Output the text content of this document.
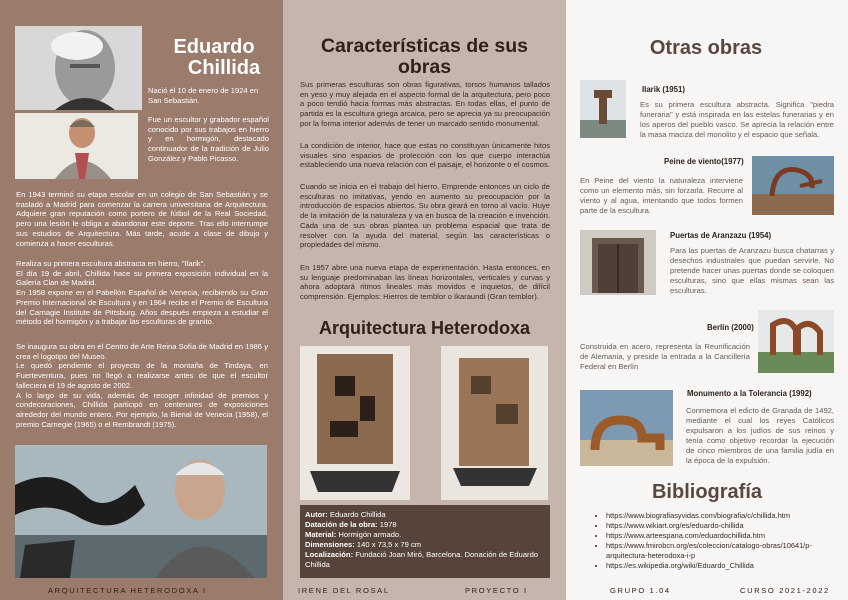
Eduardo
Chillida
Nació el 10 de enero de 1924 en San Sebastián.
Fue un escultor y grabador español conocido por sus trabajos en hierro y en hormigón, destacado continuador de la tradición de Julio González y Pablo Picasso.
En 1943 terminó su etapa escolar en un colegio de San Sebastián y se trasladó a Madrid para comenzar la carrera universitaria de Arquitectura. Adquiere gran reputación como portero de fútbol de la Real Sociedad, pero una lesión le obliga a abandonar este deporte. Tras ello interrumpe sus estudios de Arquitectura. Más tarde, acude a clase de dibujo y comienza a hacer esculturas.
Realiza su primera escultura abstracta en hierro, "Ilarik".
El día 19 de abril, Chillida hace su primera exposición individual en la Galería Clan de Madrid.
En 1958 expone en el Pabellón Español de Venecia, recibiendo su Gran Premio Internacional de Escultura y en 1964 recibe el Premio de Escultura del Carnagie Institute de Pittsburg. Años después empieza a estudiar el método del hormigón y a trabajar las esculturas de granito.
Se inaugura su obra en el Centro de Arte Reina Sofía de Madrid en 1986 y crea el logotipo del Museo.
Le quedó pendiente el proyecto de la montaña de Tindaya, en Fuerteventura, pues no llegó a realizarse antes de que el escultor falleciera el 19 de agosto de 2002.
A lo largo de su vida, además de recoger infinidad de premios y condecoraciones, Chillida participó en centenares de exposiciones alrededor del mundo entero. Por ejemplo, la Bienal de Venecia (1958), el premio Carnegie (1965) o el Rembrandt (1975).
Características de sus obras
Sus primeras esculturas son obras figurativas, torsos humanos tallados en yeso y muy alejada en el aspecto formal de la arquitectura, pero poco a poco tendió hacia formas más abstractas. En todas ellas, el punto de partida es la escultura griega arcaica, pero se aprecia ya su preocupación por la forma interior además de tener un marcado sentido monumental.
La condición de interior, hace que estas no constituyan únicamente hitos visuales sino espacios de protección con los que cuerpo interactúa estableciendo una nueva relación con el paisaje, el horizonte o el cosmos.
Cuando se inicia en el trabajo del hierro. Emprende entonces un ciclo de esculturas no imitativas, yendo en aumento su preocupación por la introducción de espacios abiertos. Su obra girará en torno al vacío. Huye de la imitación de la naturaleza y va en busca de la creación e invención. Cada una de sus obras plantea un problema espacial que trata de resolver con la ayuda del material, según las características o propiedades del mismo.
En 1957 abre una nueva etapa de experimentación. Hasta entonces, en su lenguaje predominaban las líneas horizontales, verticales y curvas y ahora adoptará ritmos lineales más movidos e inquietos, de difícil comprensión. Ejemplos: Hierros de temblor o Ikaraundi (Gran temblor).
Arquitectura Heterodoxa
Autor: Eduardo Chillida
Datación de la obra: 1978
Material: Hormigón armado.
Dimensiones: 140 x 73,5 x 79 cm
Localización: Fundació Joan Miró, Barcelona. Donación de Eduardo Chillida
Otras obras
Ilarik (1951)
Es su primera escultura abstracta. Significa "piedra funeraria" y está inspirada en las estelas funerarias y en los aperos del pueblo vasco. Se aprecia la relación entre la masa maciza del monolito y el espacio que señala.
Peine de viento(1977)
En Peine del viento la naturaleza interviene como un elemento más, sin forzarla. Recurre al viento y al agua, intentando que todos formen parte de la escultura.
Puertas de Aranzazu (1954)
Para las puertas de Aranzazu busca chatarras y desechos industriales que puedan servirle. No pretende hacer unas puertas donde se coloquen esculturas, sino que ellas mismas sean las esculturas.
Berlín (2000)
Construida en acero, representa la Reunificación de Alemania, y preside la entrada a la Cancillería Federal en Berlín
Monumento a la Tolerancia (1992)
Conmemora el edicto de Granada de 1492, mediante el cual los reyes Católicos expulsaron a los judíos de sus reinos y tenía como objetivo recordar la ejecución de cinco miembros de una familia judía en la época de la expulsión.
Bibliografía
• https://www.biografiasyvidas.com/biografia/c/chillida.htm
• https://www.wikiart.org/es/eduardo-chillida
• https://www.arteespana.com/eduardochillida.htm
• https://www.fmirobcn.org/es/coleccion/catalogo-obras/10641/p-arquitectura-heterodoxa-i-p
• https://es.wikipedia.org/wiki/Eduardo_Chillida
ARQUITECTURA HETERODOXA I	IRENE DEL ROSAL	PROYECTO I	GRUPO 1.04	CURSO 2021-2022
